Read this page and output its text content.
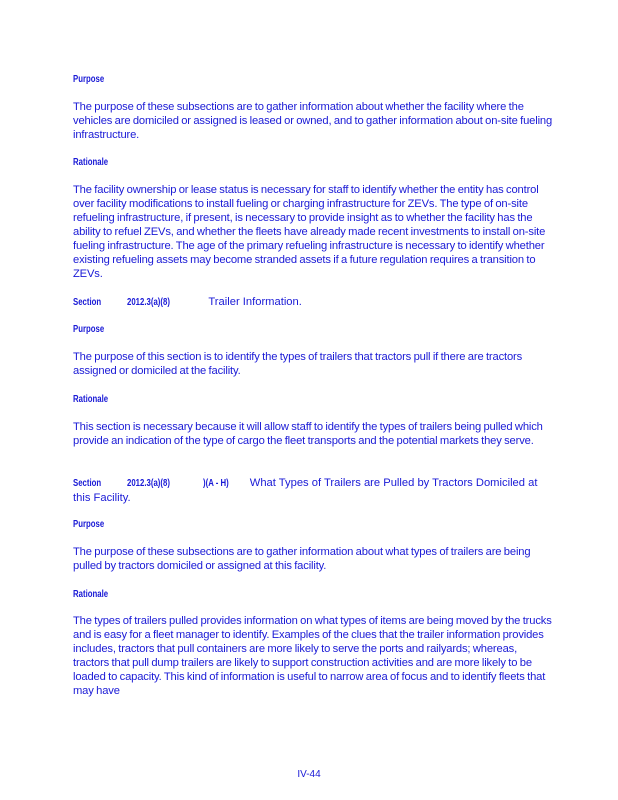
Purpose
The purpose of these subsections are to gather information about whether the facility where the vehicles are domiciled or assigned is leased or owned, and to gather information about on-site fueling infrastructure.
Rationale
The facility ownership or lease status is necessary for staff to identify whether the entity has control over facility modifications to install fueling or charging infrastructure for ZEVs. The type of on-site refueling infrastructure, if present, is necessary to provide insight as to whether the facility has the ability to refuel ZEVs, and whether the fleets have already made recent investments to install on-site fueling infrastructure. The age of the primary refueling infrastructure is necessary to identify whether existing refueling assets may become stranded assets if a future regulation requires a transition to ZEVs.
Section	2012.3(a)(8)	Trailer Information.
Purpose
The purpose of this section is to identify the types of trailers that tractors pull if there are tractors assigned or domiciled at the facility.
Rationale
This section is necessary because it will allow staff to identify the types of trailers being pulled which provide an indication of the type of cargo the fleet transports and the potential markets they serve.
Section	2012.3(a)(8)	)(A - H) What Types of Trailers are Pulled by Tractors Domiciled at this Facility.
Purpose
The purpose of these subsections are to gather information about what types of trailers are being pulled by tractors domiciled or assigned at this facility.
Rationale
The types of trailers pulled provides information on what types of items are being moved by the trucks and is easy for a fleet manager to identify. Examples of the clues that the trailer information provides includes, tractors that pull containers are more likely to serve the ports and railyards; whereas, tractors that pull dump trailers are likely to support construction activities and are more likely to be loaded to capacity. This kind of information is useful to narrow area of focus and to identify fleets that may have
IV-44
